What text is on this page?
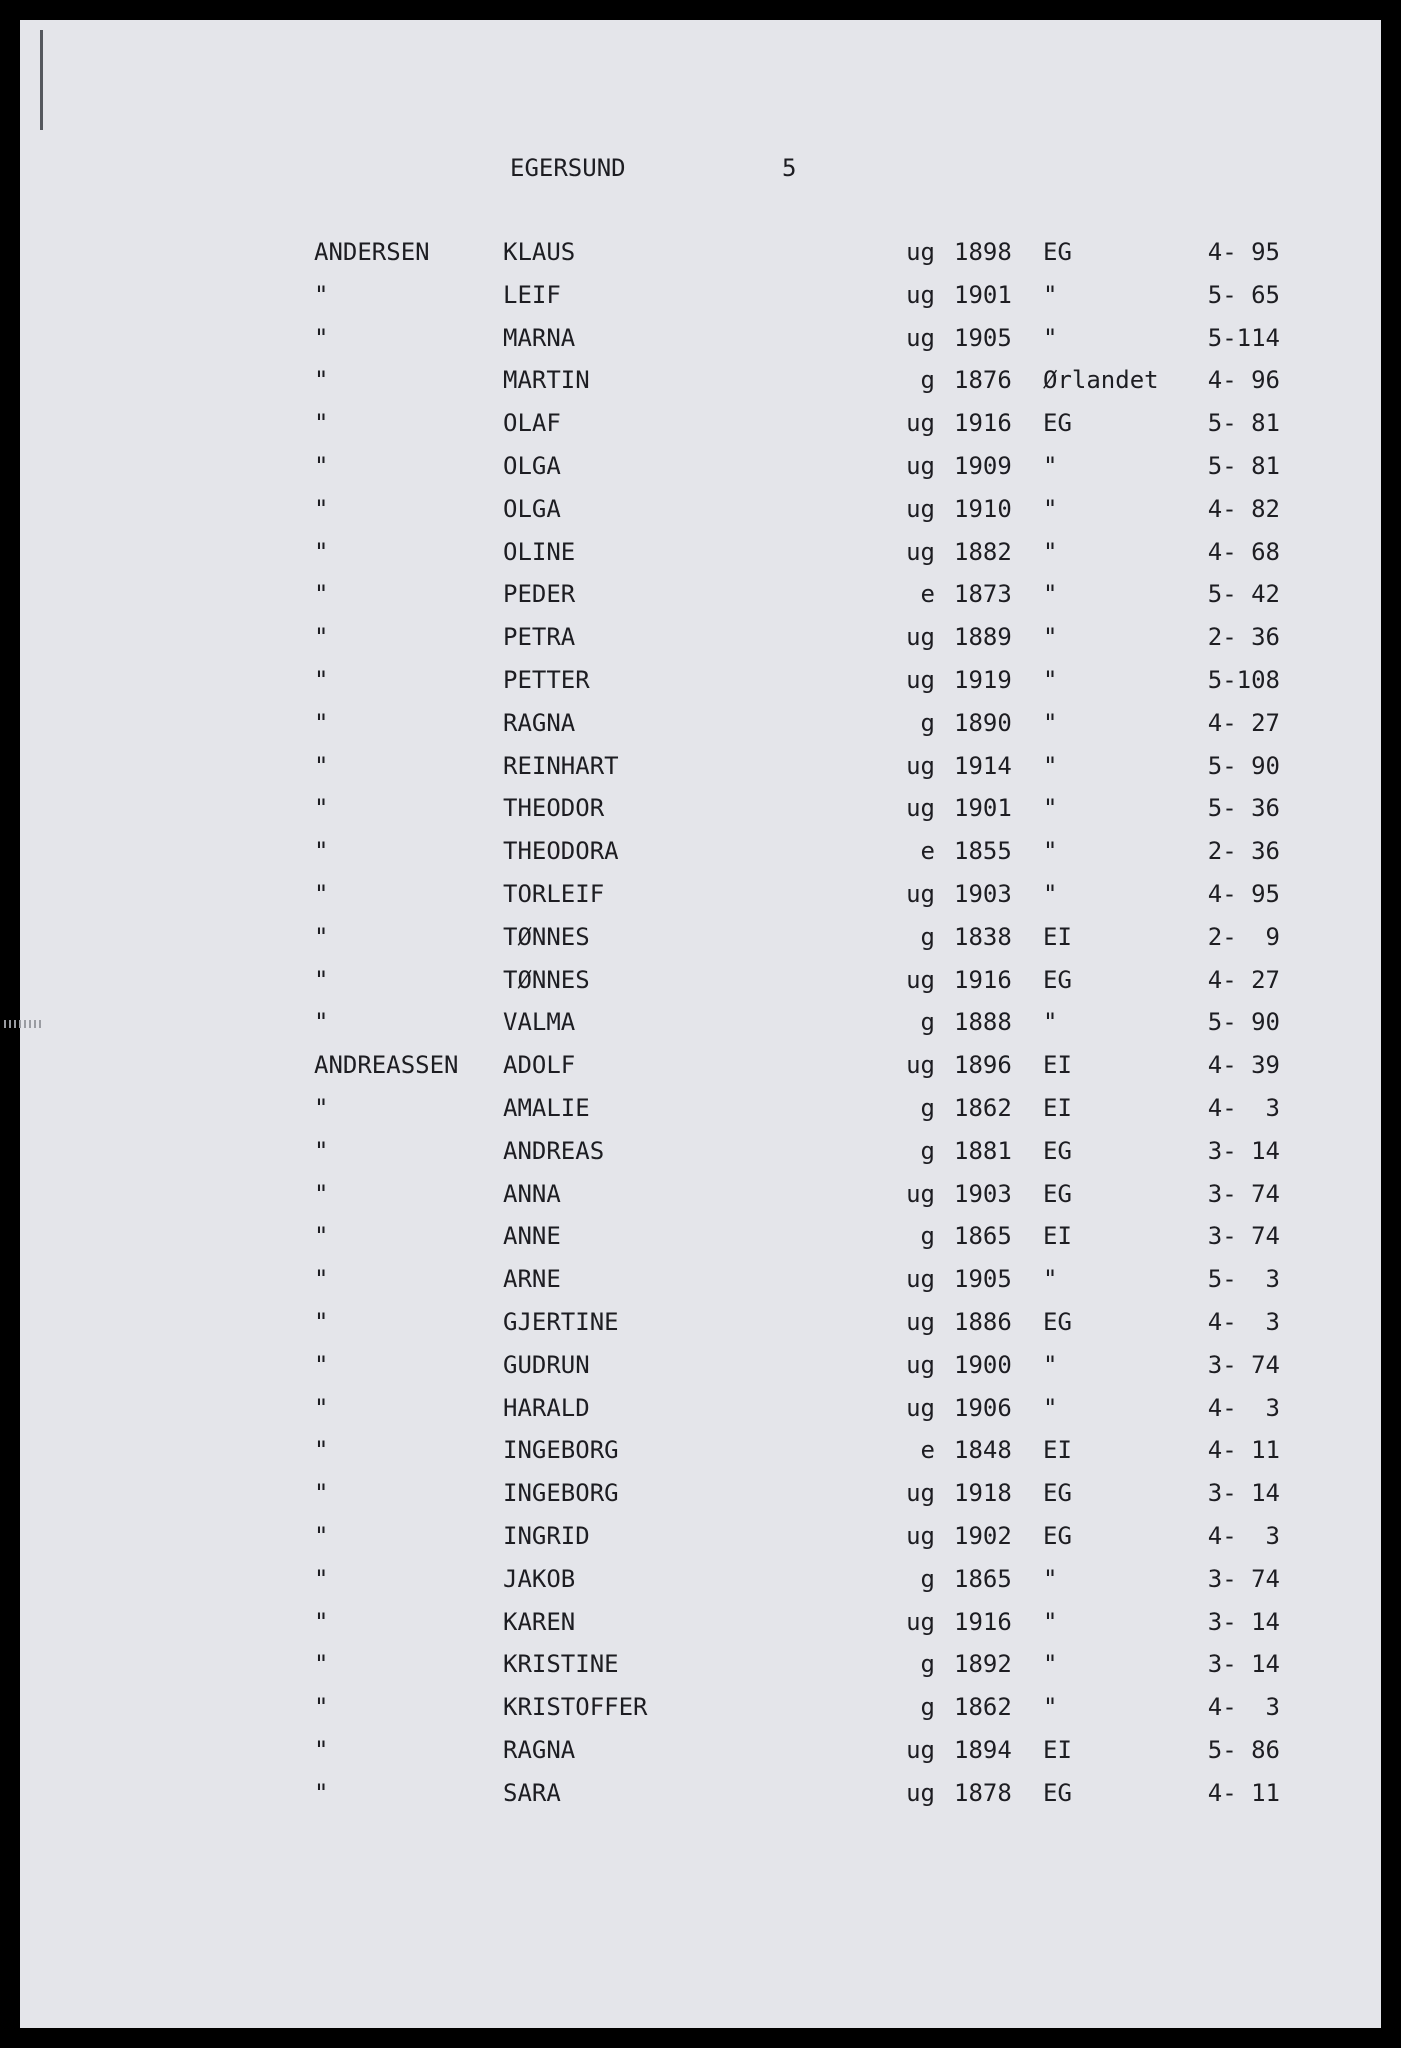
EGERSUND	5
ANDERSEN	KLAUS	ug 1898 EG	4- 95
"	LEIF	ug 1901 "	5- 65
"	MARNA	ug 1905 "	5-114
"	MARTIN	g 1876 Ørlandet 4- 96
"	OLAF	ug 1916 EG	5- 81
"	OLGA	ug 1909 "	5- 81
"	OLGA	ug 1910 "	4- 82
"	OLINE	ug 1882 "	4- 68
"	PEDER	e 1873 "	5- 42
"	PETRA	ug 1889 "	2- 36
"	PETTER	ug 1919 "	5-108
"	RAGNA	g 1890 "	4- 27
"	REINHART	ug 1914 "	5- 90
"	THEODOR	ug 1901 "	5- 36
"	THEODORA	e 1855 "	2- 36
"	TORLEIF	ug 1903 "	4- 95
"	TØNNES	g 1838 EI	2-  9
"	TØNNES	ug 1916 EG	4- 27
"	VALMA	g 1888 "	5- 90
ANDREASSEN ADOLF	ug 1896 EI	4- 39
"	AMALIE	g 1862 EI	4-  3
"	ANDREAS	g 1881 EG	3- 14
"	ANNA	ug 1903 EG	3- 74
"	ANNE	g 1865 EI	3- 74
"	ARNE	ug 1905 "	5-  3
"	GJERTINE	ug 1886 EG	4-  3
"	GUDRUN	ug 1900 "	3- 74
"	HARALD	ug 1906 "	4-  3
"	INGEBORG	e 1848 EI	4- 11
"	INGEBORG	ug 1918 EG	3- 14
"	INGRID	ug 1902 EG	4-  3
"	JAKOB	g 1865 "	3- 74
"	KAREN	ug 1916 "	3- 14
"	KRISTINE	g 1892 "	3- 14
"	KRISTOFFER	g 1862 "	4-  3
"	RAGNA	ug 1894 EI	5- 86
"	SARA	ug 1878 EG	4- 11
